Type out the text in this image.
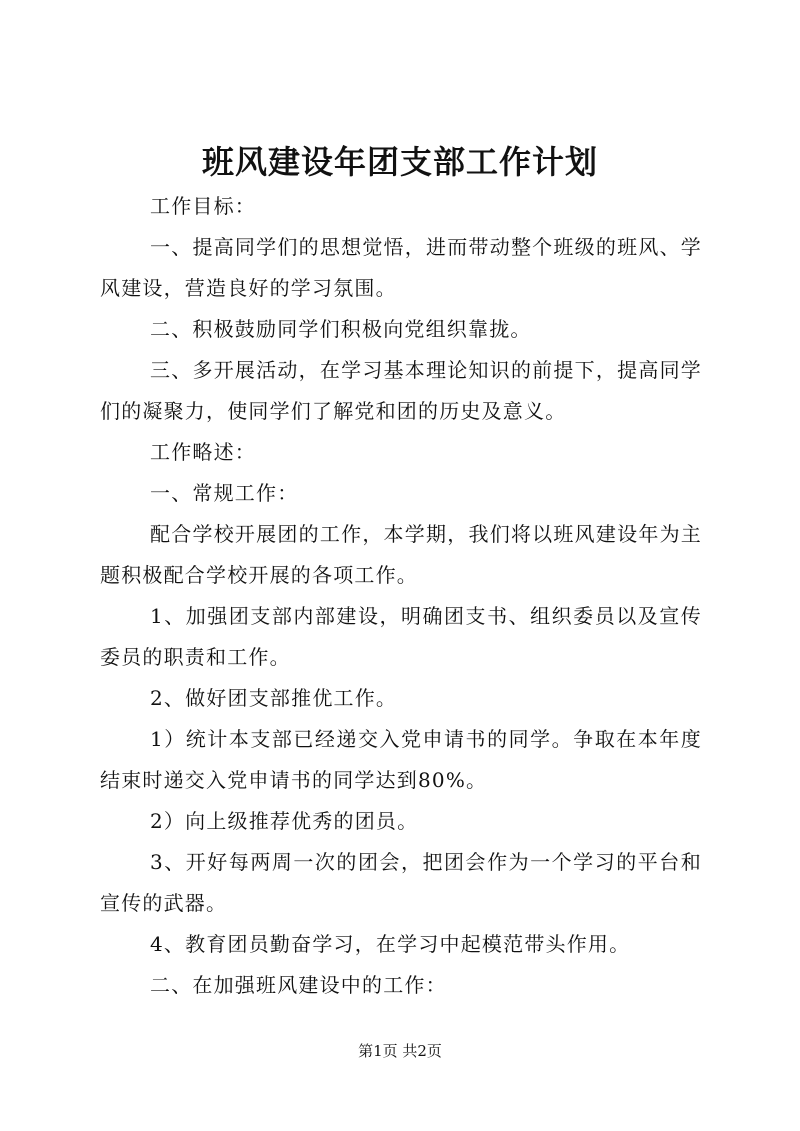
班风建设年团支部工作计划

工作目标：

一、提高同学们的思想觉悟，进而带动整个班级的班风、学风建设，营造良好的学习氛围。

二、积极鼓励同学们积极向党组织靠拢。

三、多开展活动，在学习基本理论知识的前提下，提高同学们的凝聚力，使同学们了解党和团的历史及意义。

工作略述：

一、常规工作：

配合学校开展团的工作，本学期，我们将以班风建设年为主题积极配合学校开展的各项工作。

1、加强团支部内部建设，明确团支书、组织委员以及宣传委员的职责和工作。

2、做好团支部推优工作。

1）统计本支部已经递交入党申请书的同学。争取在本年度结束时递交入党申请书的同学达到80%。

2）向上级推荐优秀的团员。

3、开好每两周一次的团会，把团会作为一个学习的平台和宣传的武器。

4、教育团员勤奋学习，在学习中起模范带头作用。

二、在加强班风建设中的工作：

第1页 共2页
